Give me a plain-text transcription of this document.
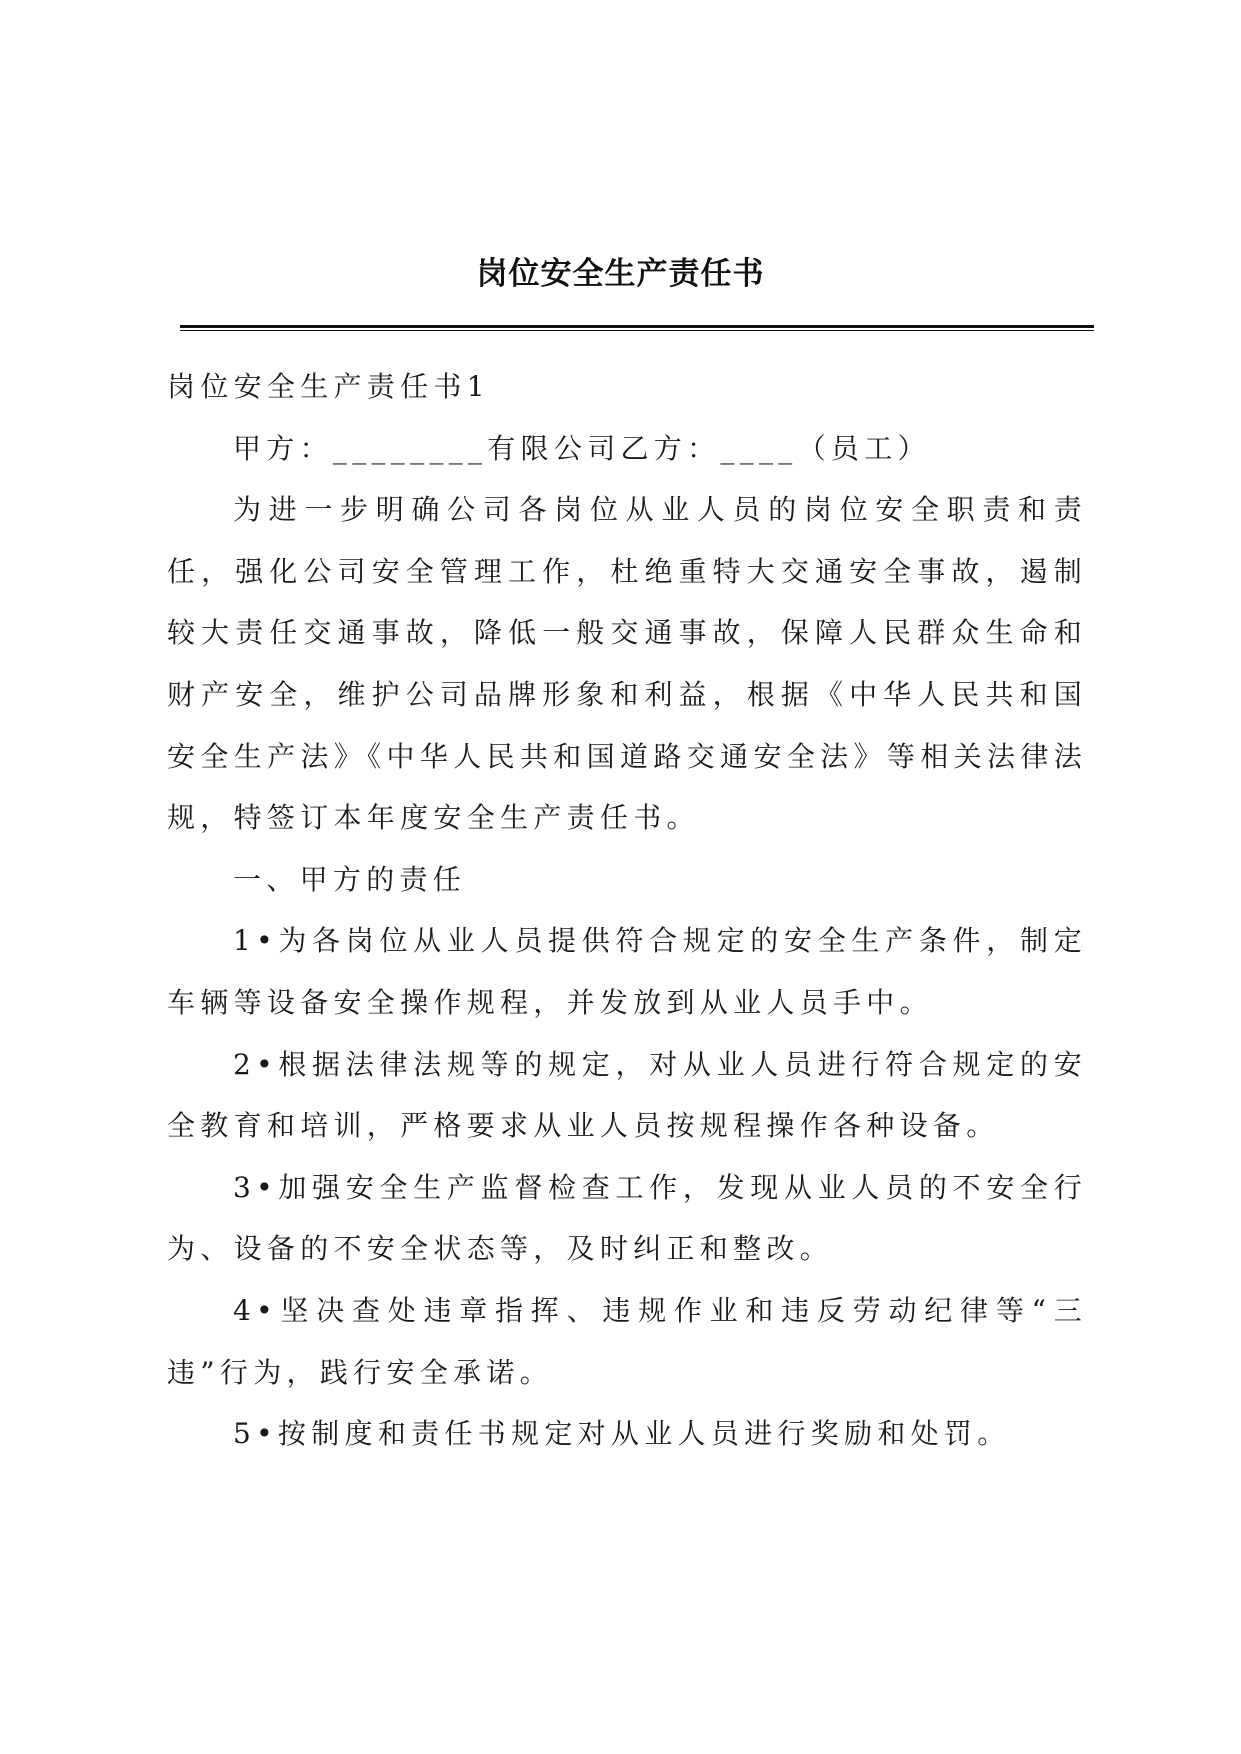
岗位安全生产责任书

岗位安全生产责任书1

甲方：________有限公司乙方：____（员工）

为进一步明确公司各岗位从业人员的岗位安全职责和责任，强化公司安全管理工作，杜绝重特大交通安全事故，遏制较大责任交通事故，降低一般交通事故，保障人民群众生命和财产安全，维护公司品牌形象和利益，根据《中华人民共和国安全生产法》《中华人民共和国道路交通安全法》等相关法律法规，特签订本年度安全生产责任书。

一、甲方的责任

1•为各岗位从业人员提供符合规定的安全生产条件，制定车辆等设备安全操作规程，并发放到从业人员手中。

2•根据法律法规等的规定，对从业人员进行符合规定的安全教育和培训，严格要求从业人员按规程操作各种设备。

3•加强安全生产监督检查工作，发现从业人员的不安全行为、设备的不安全状态等，及时纠正和整改。

4•坚决查处违章指挥、违规作业和违反劳动纪律等“三违”行为，践行安全承诺。

5•按制度和责任书规定对从业人员进行奖励和处罚。
